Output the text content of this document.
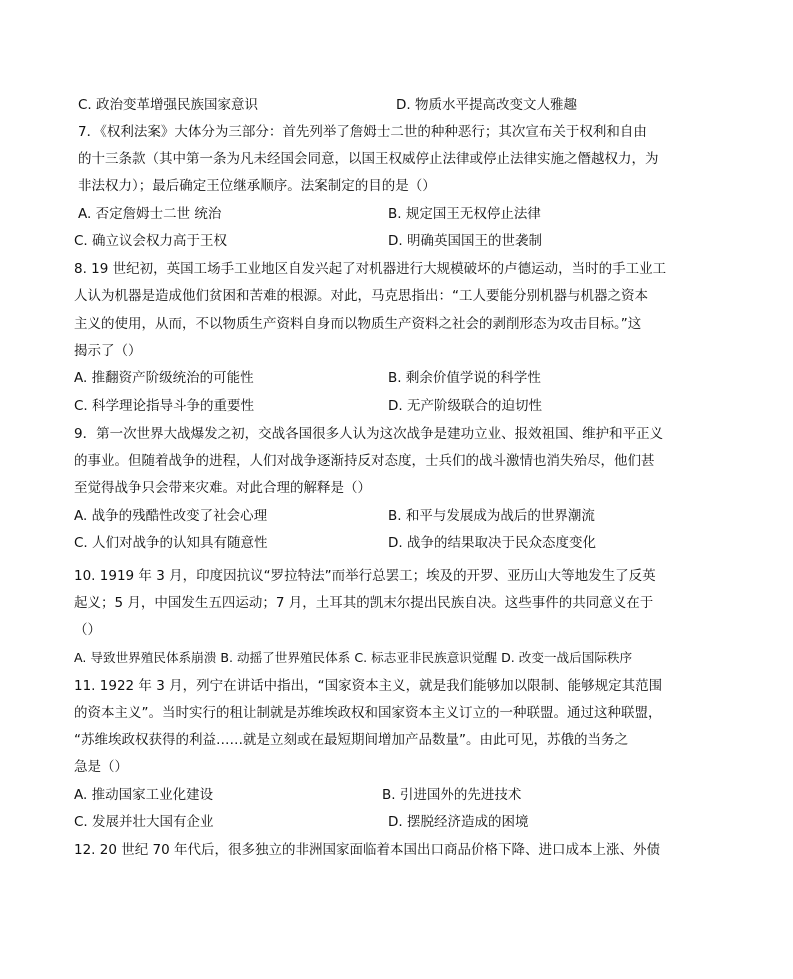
C. 政治变革增强民族国家意识	D. 物质水平提高改变文人雅趣
7．《权利法案》大体分为三部分：首先列举了詹姆士二世的种种恶行；其次宣布关于权利和自由
的十三条款（其中第一条为凡未经国会同意，以国王权威停止法律或停止法律实施之僭越权力，为
非法权力）；最后确定王位继承顺序。法案制定的目的是（）
A. 否定詹姆士二世 统治	B. 规定国王无权停止法律
C. 确立议会权力高于王权	D. 明确英国国王的世袭制
8. 19 世纪初，英国工场手工业地区自发兴起了对机器进行大规模破坏的卢德运动，当时的手工业工
人认为机器是造成他们贫困和苦难的根源。对此，马克思指出：“工人要能分别机器与机器之资本
主义的使用，从而，不以物质生产资料自身而以物质生产资料之社会的剥削形态为攻击目标。”这
揭示了（）
A. 推翻资产阶级统治的可能性	B. 剩余价值学说的科学性
C. 科学理论指导斗争的重要性	D. 无产阶级联合的迫切性
9．第一次世界大战爆发之初，交战各国很多人认为这次战争是建功立业、报效祖国、维护和平正义
的事业。但随着战争的进程，人们对战争逐渐持反对态度，士兵们的战斗激情也消失殆尽，他们甚
至觉得战争只会带来灾难。对此合理的解释是（）
A. 战争的残酷性改变了社会心理	B. 和平与发展成为战后的世界潮流
C. 人们对战争的认知具有随意性	D. 战争的结果取决于民众态度变化
10. 1919 年 3 月，印度因抗议“罗拉特法”而举行总罢工；埃及的开罗、亚历山大等地发生了反英
起义；5 月，中国发生五四运动；7 月，土耳其的凯末尔提出民族自决。这些事件的共同意义在于
（）
A. 导致世界殖民体系崩溃 B. 动摇了世界殖民体系 C. 标志亚非民族意识觉醒 D. 改变一战后国际秩序
11. 1922 年 3 月，列宁在讲话中指出，“国家资本主义，就是我们能够加以限制、能够规定其范围
的资本主义”。当时实行的租让制就是苏维埃政权和国家资本主义订立的一种联盟。通过这种联盟，
“苏维埃政权获得的利益……就是立刻或在最短期间增加产品数量”。由此可见，苏俄的当务之
急是（）
A. 推动国家工业化建设	B. 引进国外的先进技术
C. 发展并壮大国有企业	D. 摆脱经济造成的困境
12. 20 世纪 70 年代后，很多独立的非洲国家面临着本国出口商品价格下降、进口成本上涨、外债
